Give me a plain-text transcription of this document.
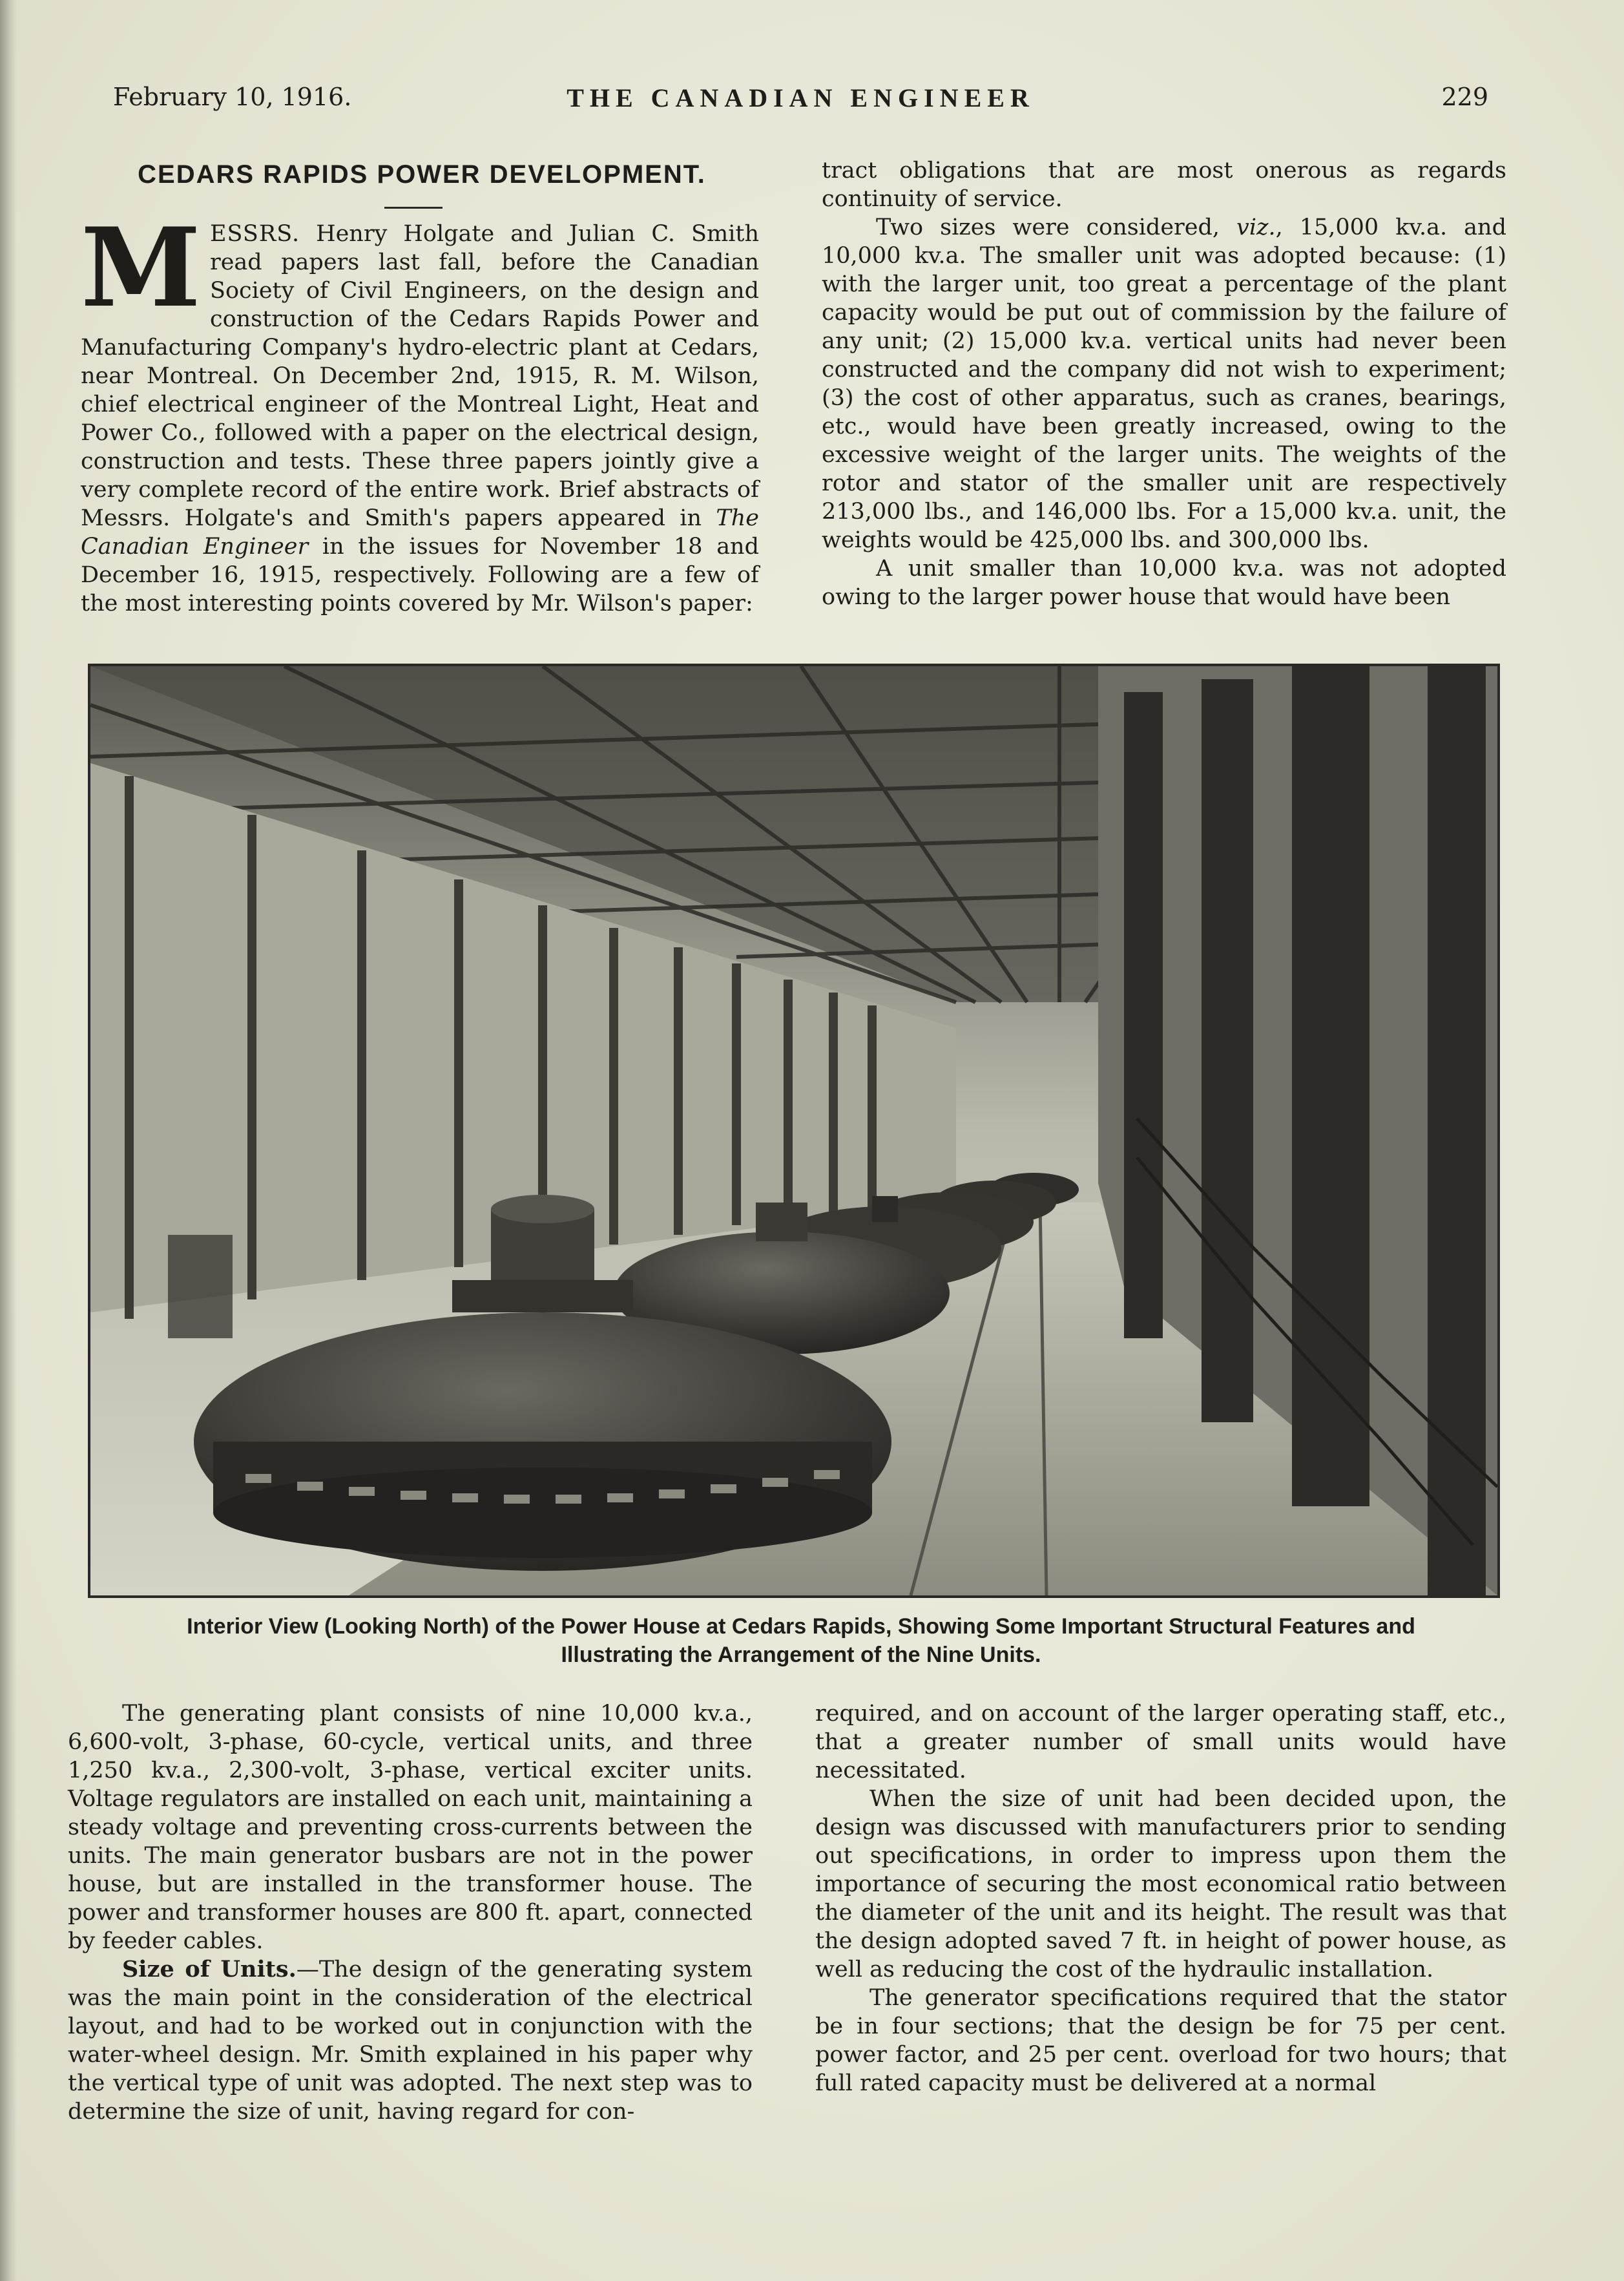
February 10, 1916.	THE CANADIAN ENGINEER	229
CEDARS RAPIDS POWER DEVELOPMENT.

MESSRS. Henry Holgate and Julian C. Smith read papers last fall, before the Canadian Society of Civil Engineers, on the design and construction of the Cedars Rapids Power and Manufacturing Company's hydro-electric plant at Cedars, near Montreal. On December 2nd, 1915, R. M. Wilson, chief electrical engineer of the Montreal Light, Heat and Power Co., followed with a paper on the electrical design, construction and tests. These three papers jointly give a very complete record of the entire work. Brief abstracts of Messrs. Holgate's and Smith's papers appeared in The Canadian Engineer in the issues for November 18 and December 16, 1915, respectively. Following are a few of the most interesting points covered by Mr. Wilson's paper:

tract obligations that are most onerous as regards continuity of service.

Two sizes were considered, viz., 15,000 kv.a. and 10,000 kv.a. The smaller unit was adopted because: (1) with the larger unit, too great a percentage of the plant capacity would be put out of commission by the failure of any unit; (2) 15,000 kv.a. vertical units had never been constructed and the company did not wish to experiment; (3) the cost of other apparatus, such as cranes, bearings, etc., would have been greatly increased, owing to the excessive weight of the larger units. The weights of the rotor and stator of the smaller unit are respectively 213,000 lbs., and 146,000 lbs. For a 15,000 kv.a. unit, the weights would be 425,000 lbs. and 300,000 lbs.

A unit smaller than 10,000 kv.a. was not adopted owing to the larger power house that would have been

Interior View (Looking North) of the Power House at Cedars Rapids, Showing Some Important Structural Features and Illustrating the Arrangement of the Nine Units.

The generating plant consists of nine 10,000 kv.a., 6,600-volt, 3-phase, 60-cycle, vertical units, and three 1,250 kv.a., 2,300-volt, 3-phase, vertical exciter units. Voltage regulators are installed on each unit, maintaining a steady voltage and preventing cross-currents between the units. The main generator busbars are not in the power house, but are installed in the transformer house. The power and transformer houses are 800 ft. apart, connected by feeder cables.

Size of Units.—The design of the generating system was the main point in the consideration of the electrical layout, and had to be worked out in conjunction with the water-wheel design. Mr. Smith explained in his paper why the vertical type of unit was adopted. The next step was to determine the size of unit, having regard for con-

required, and on account of the larger operating staff, etc., that a greater number of small units would have necessitated.

When the size of unit had been decided upon, the design was discussed with manufacturers prior to sending out specifications, in order to impress upon them the importance of securing the most economical ratio between the diameter of the unit and its height. The result was that the design adopted saved 7 ft. in height of power house, as well as reducing the cost of the hydraulic installation.

The generator specifications required that the stator be in four sections; that the design be for 75 per cent. power factor, and 25 per cent. overload for two hours; that full rated capacity must be delivered at a normal
